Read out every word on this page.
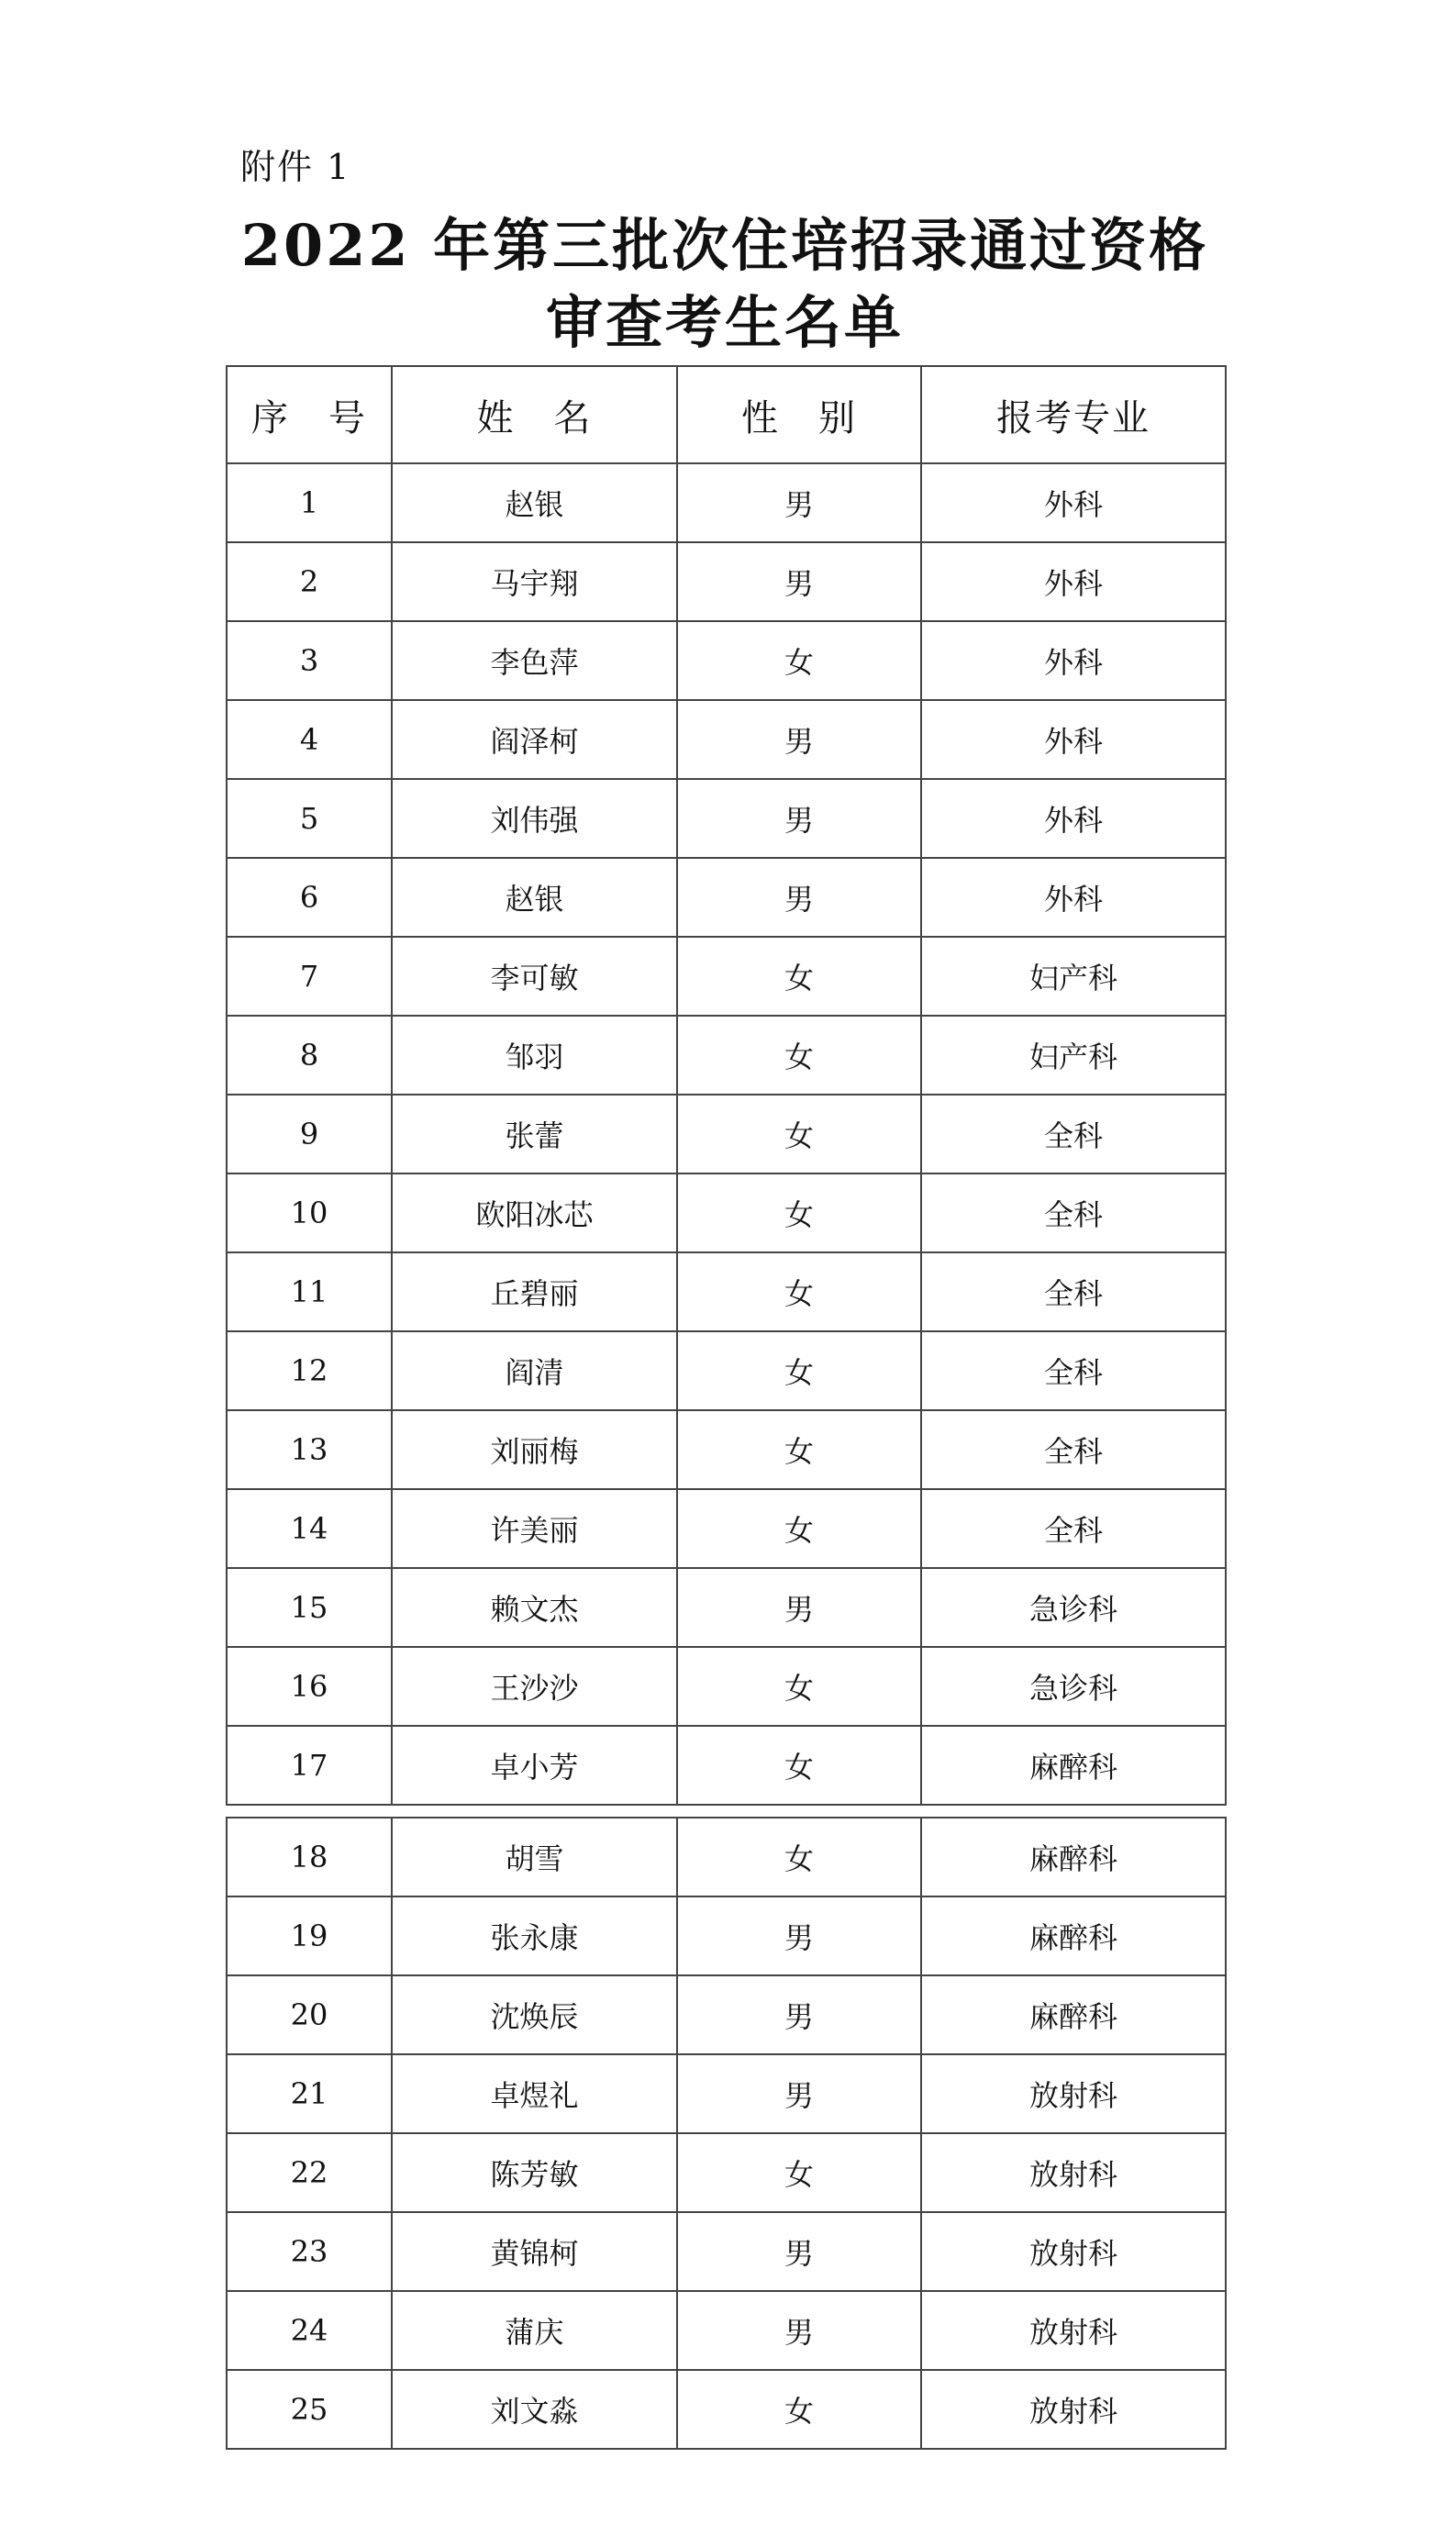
附件 1
2022 年第三批次住培招录通过资格
审查考生名单
序　号	姓　名	性　别	报考专业
1	赵银	男	外科
2	马宇翔	男	外科
3	李色萍	女	外科
4	阎泽柯	男	外科
5	刘伟强	男	外科
6	赵银	男	外科
7	李可敏	女	妇产科
8	邹羽	女	妇产科
9	张蕾	女	全科
10	欧阳冰芯	女	全科
11	丘碧丽	女	全科
12	阎清	女	全科
13	刘丽梅	女	全科
14	许美丽	女	全科
15	赖文杰	男	急诊科
16	王沙沙	女	急诊科
17	卓小芳	女	麻醉科
18	胡雪	女	麻醉科
19	张永康	男	麻醉科
20	沈焕辰	男	麻醉科
21	卓煜礼	男	放射科
22	陈芳敏	女	放射科
23	黄锦柯	男	放射科
24	蒲庆	男	放射科
25	刘文淼	女	放射科
